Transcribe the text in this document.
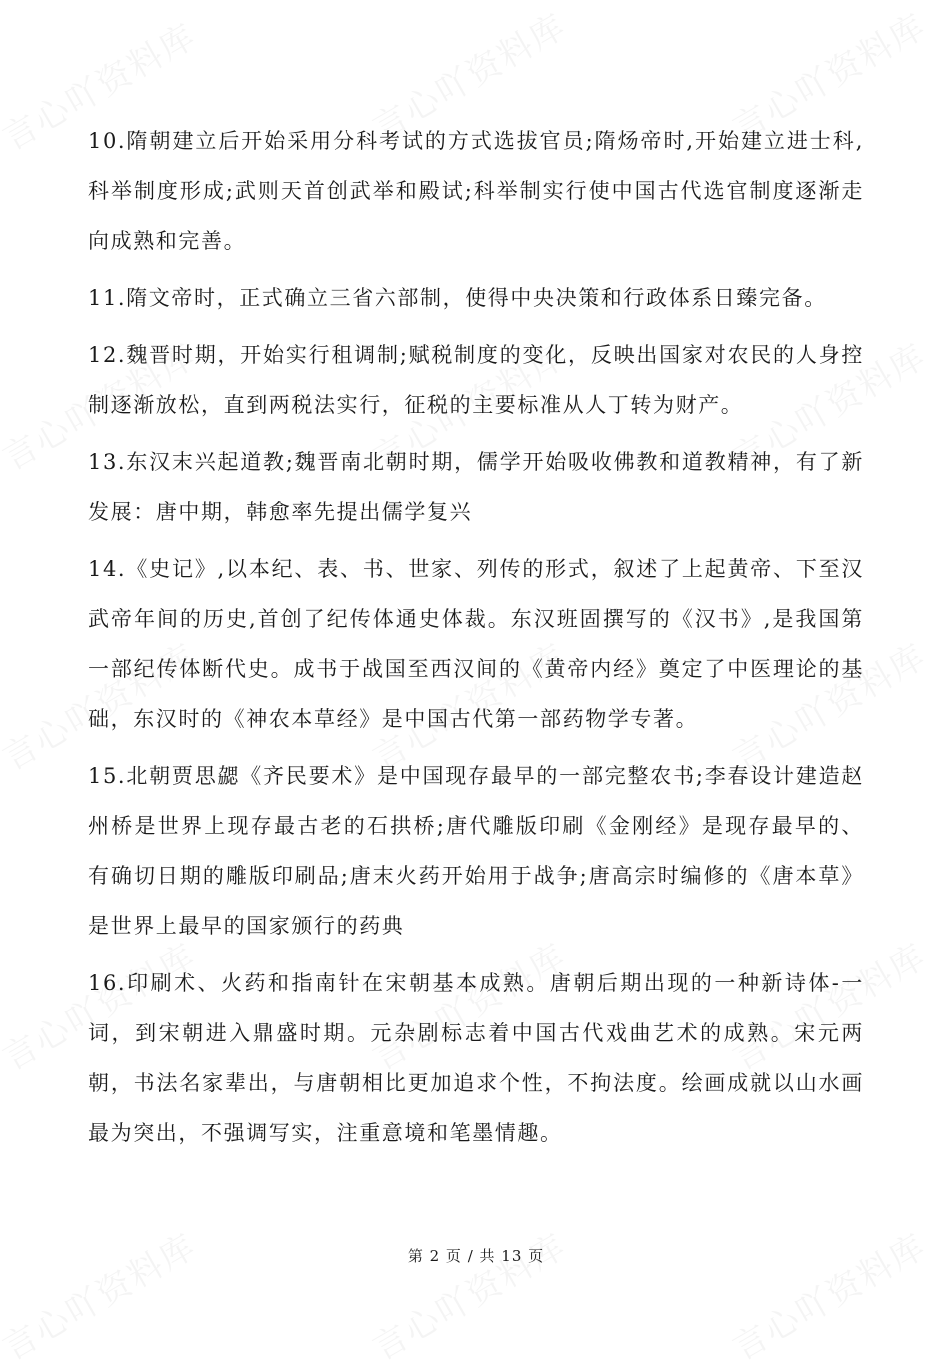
10.隋朝建立后开始采用分科考试的方式选拔官员;隋炀帝时,开始建立进士科,科举制度形成;武则天首创武举和殿试;科举制实行使中国古代选官制度逐渐走向成熟和完善。

11.隋文帝时，正式确立三省六部制，使得中央决策和行政体系日臻完备。

12.魏晋时期，开始实行租调制;赋税制度的变化，反映出国家对农民的人身控制逐渐放松，直到两税法实行，征税的主要标准从人丁转为财产。

13.东汉末兴起道教;魏晋南北朝时期，儒学开始吸收佛教和道教精神，有了新发展：唐中期，韩愈率先提出儒学复兴

14.《史记》,以本纪、表、书、世家、列传的形式，叙述了上起黄帝、下至汉武帝年间的历史,首创了纪传体通史体裁。东汉班固撰写的《汉书》,是我国第一部纪传体断代史。成书于战国至西汉间的《黄帝内经》奠定了中医理论的基础，东汉时的《神农本草经》是中国古代第一部药物学专著。

15.北朝贾思勰《齐民要术》是中国现存最早的一部完整农书;李春设计建造赵州桥是世界上现存最古老的石拱桥;唐代雕版印刷《金刚经》是现存最早的、有确切日期的雕版印刷品;唐末火药开始用于战争;唐高宗时编修的《唐本草》是世界上最早的国家颁行的药典

16.印刷术、火药和指南针在宋朝基本成熟。唐朝后期出现的一种新诗体-一词，到宋朝进入鼎盛时期。元杂剧标志着中国古代戏曲艺术的成熟。宋元两朝，书法名家辈出，与唐朝相比更加追求个性，不拘法度。绘画成就以山水画最为突出，不强调写实，注重意境和笔墨情趣。

第 2 页 / 共 13 页
